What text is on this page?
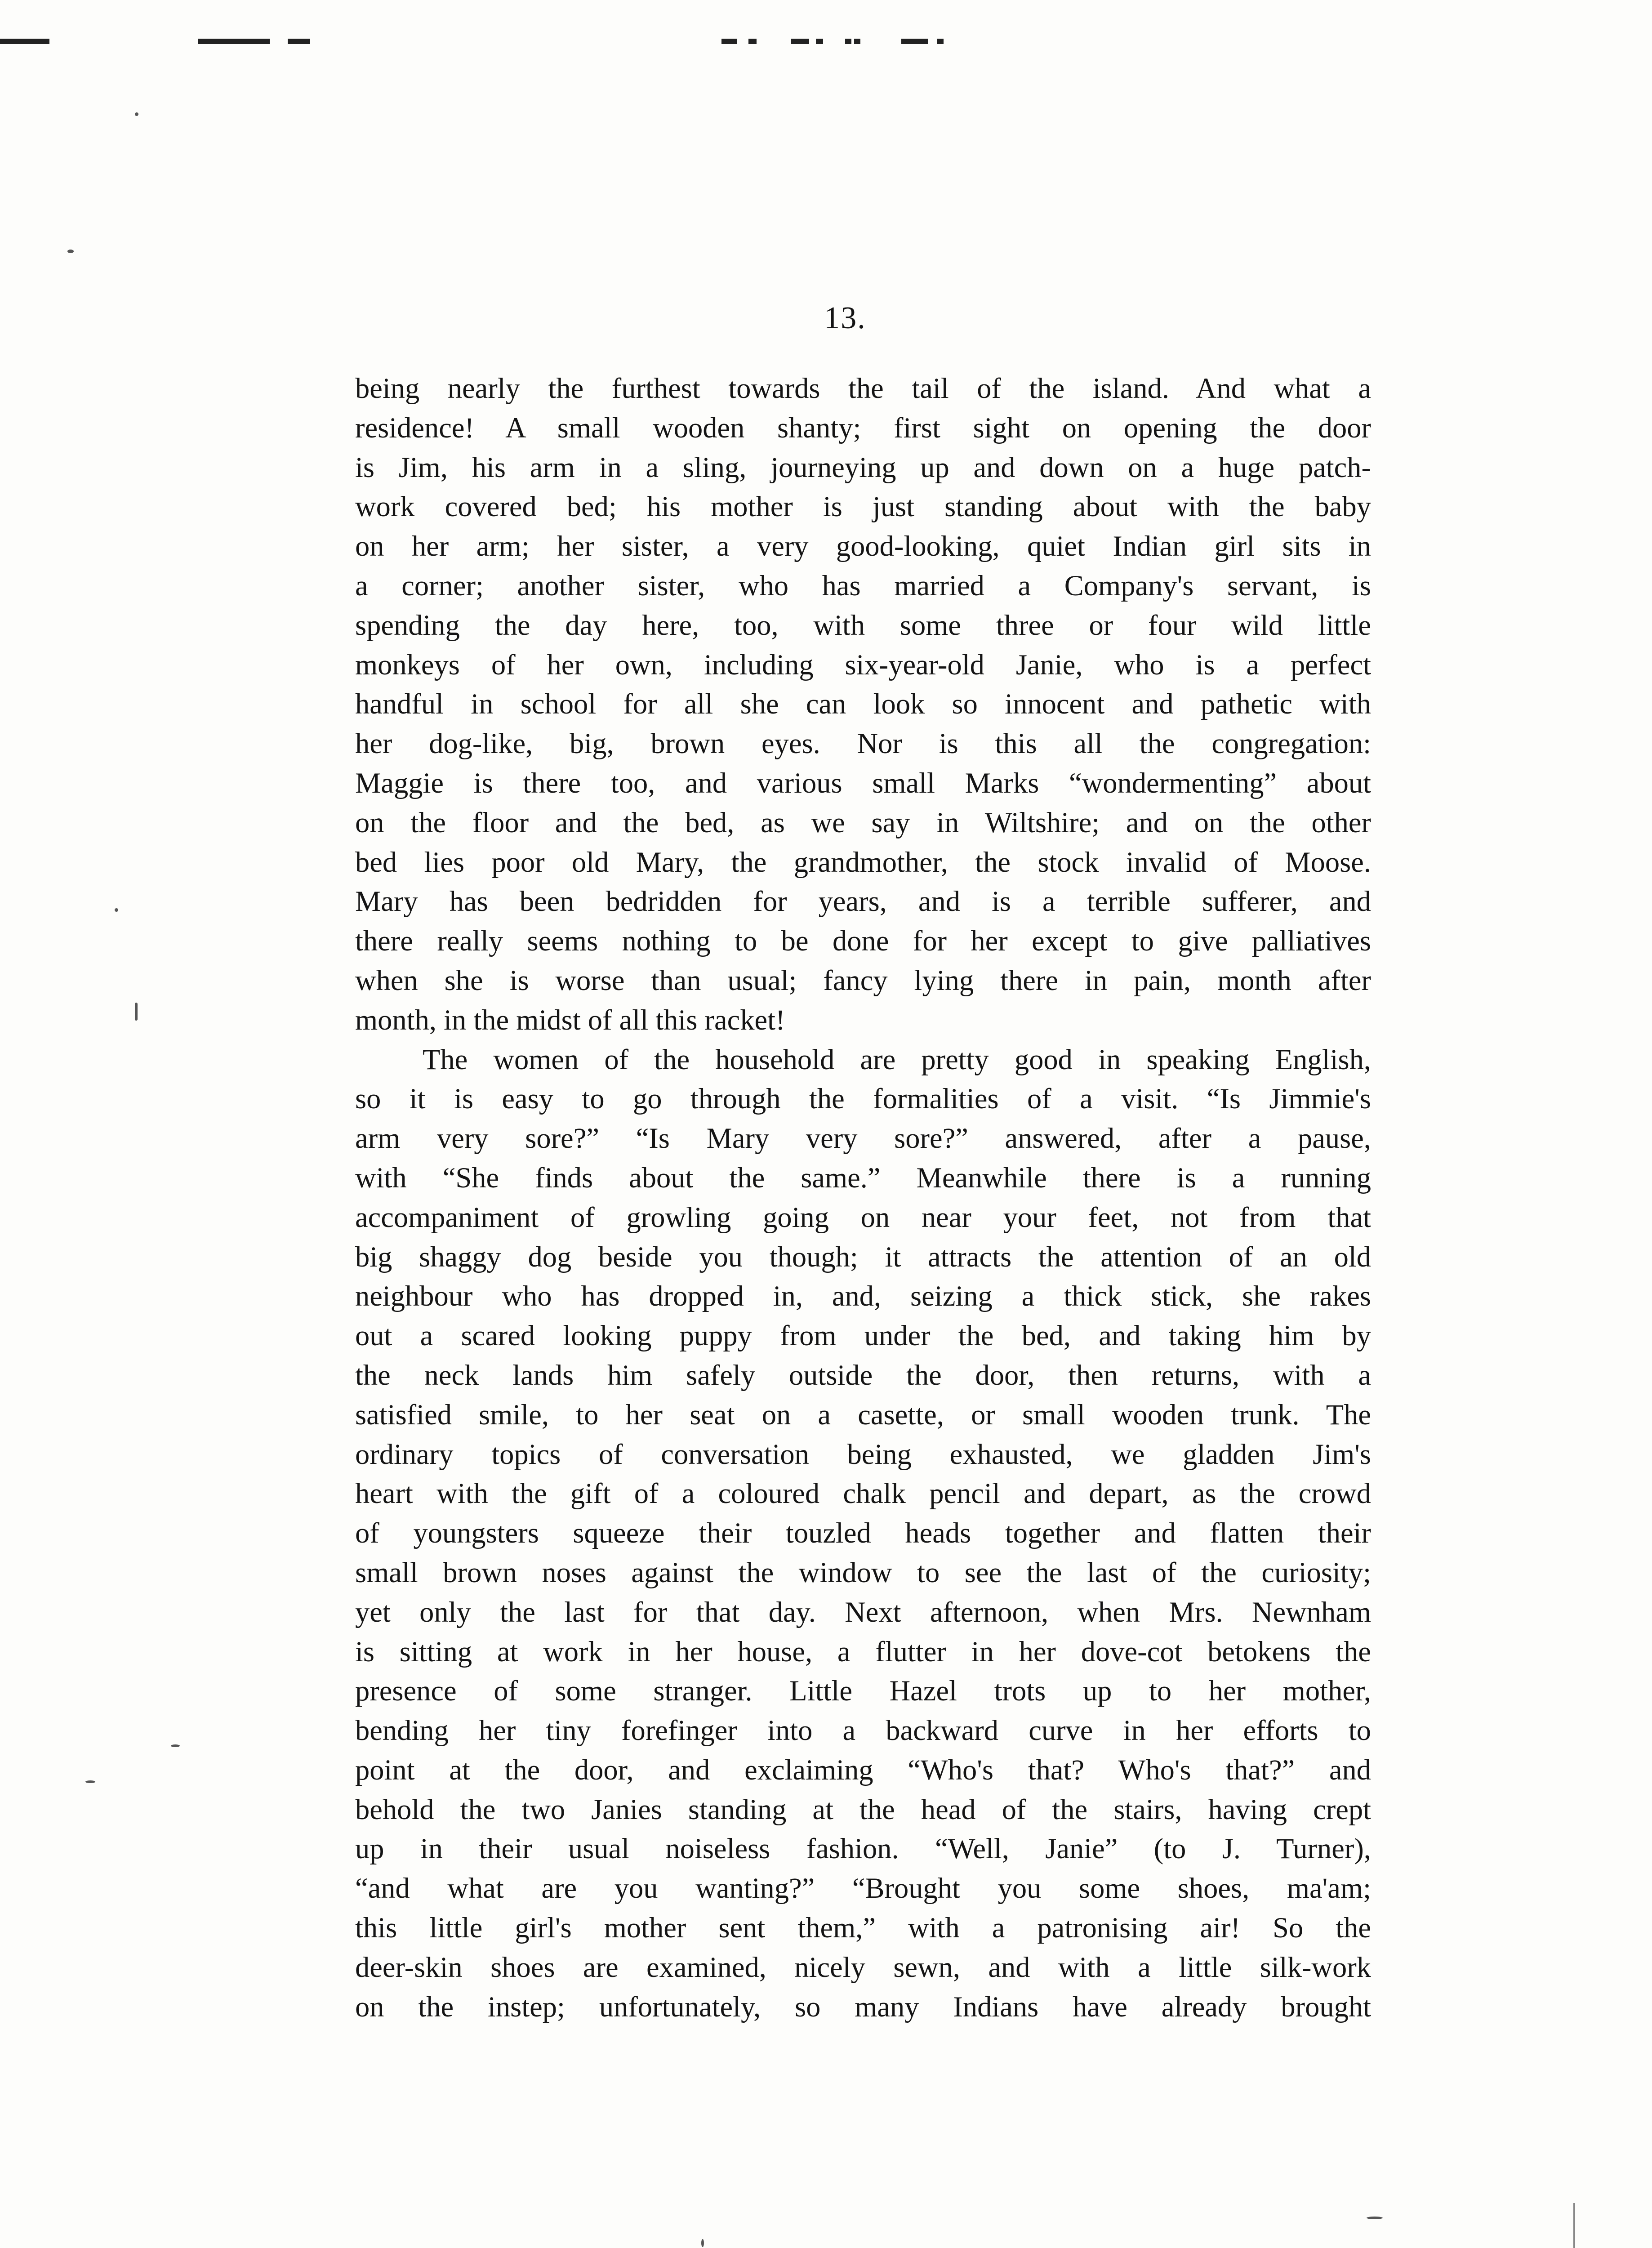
13.
being nearly the furthest towards the tail of the island. And what a
residence! A small wooden shanty; first sight on opening the door
is Jim, his arm in a sling, journeying up and down on a huge patch-
work covered bed; his mother is just standing about with the baby
on her arm; her sister, a very good-looking, quiet Indian girl sits in
a corner; another sister, who has married a Company's servant, is
spending the day here, too, with some three or four wild little
monkeys of her own, including six-year-old Janie, who is a perfect
handful in school for all she can look so innocent and pathetic with
her dog-like, big, brown eyes. Nor is this all the congregation:
Maggie is there too, and various small Marks “wondermenting” about
on the floor and the bed, as we say in Wiltshire; and on the other
bed lies poor old Mary, the grandmother, the stock invalid of Moose.
Mary has been bedridden for years, and is a terrible sufferer, and
there really seems nothing to be done for her except to give palliatives
when she is worse than usual; fancy lying there in pain, month after
month, in the midst of all this racket!
The women of the household are pretty good in speaking English,
so it is easy to go through the formalities of a visit. “Is Jimmie's
arm very sore?” “Is Mary very sore?” answered, after a pause,
with “She finds about the same.” Meanwhile there is a running
accompaniment of growling going on near your feet, not from that
big shaggy dog beside you though; it attracts the attention of an old
neighbour who has dropped in, and, seizing a thick stick, she rakes
out a scared looking puppy from under the bed, and taking him by
the neck lands him safely outside the door, then returns, with a
satisfied smile, to her seat on a casette, or small wooden trunk. The
ordinary topics of conversation being exhausted, we gladden Jim's
heart with the gift of a coloured chalk pencil and depart, as the crowd
of youngsters squeeze their touzled heads together and flatten their
small brown noses against the window to see the last of the curiosity;
yet only the last for that day. Next afternoon, when Mrs. Newnham
is sitting at work in her house, a flutter in her dove-cot betokens the
presence of some stranger. Little Hazel trots up to her mother,
bending her tiny forefinger into a backward curve in her efforts to
point at the door, and exclaiming “Who's that? Who's that?” and
behold the two Janies standing at the head of the stairs, having crept
up in their usual noiseless fashion. “Well, Janie” (to J. Turner),
“and what are you wanting?” “Brought you some shoes, ma'am;
this little girl's mother sent them,” with a patronising air! So the
deer-skin shoes are examined, nicely sewn, and with a little silk-work
on the instep; unfortunately, so many Indians have already brought
